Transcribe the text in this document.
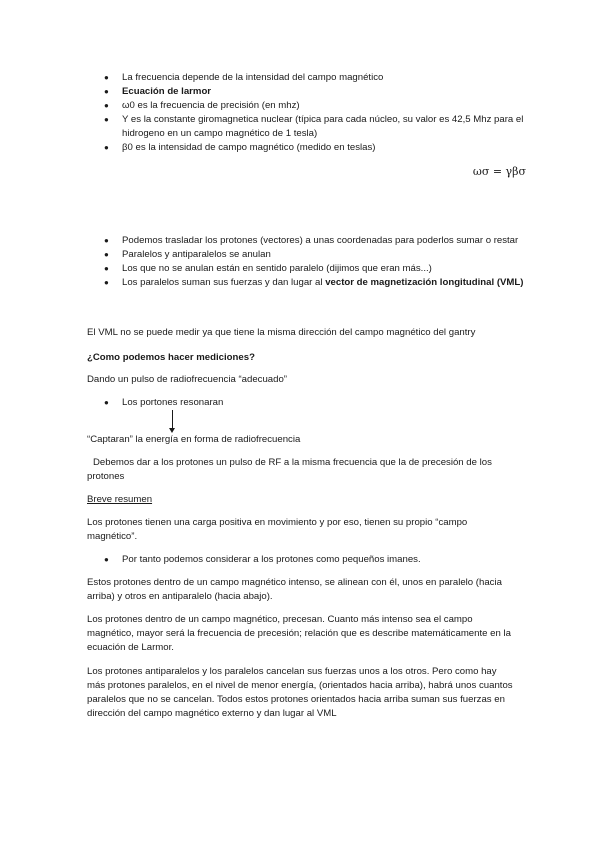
● La frecuencia depende de la intensidad del campo magnético
● Ecuación de larmor
● ω0 es la frecuencia de precisión (en mhz)
● Y es la constante giromagnetica nuclear (típica para cada núcleo, su valor es 42,5 Mhz para el hidrogeno en un campo magnético de 1 tesla)
● β0 es la intensidad de campo magnético (medido en teslas)
ωσ = γβσ
● Podemos trasladar los protones (vectores) a unas coordenadas para poderlos sumar o restar
● Paralelos y antiparalelos se anulan
● Los que no se anulan están en sentido paralelo (dijimos que eran más...)
● Los paralelos suman sus fuerzas y dan lugar al vector de magnetización longitudinal (VML)
El VML no se puede medir ya que tiene la misma dirección del campo magnético del gantry
¿Como podemos hacer mediciones?
Dando un pulso de radiofrecuencia “adecuado”
● Los portones resonaran
“Captaran” la energía en forma de radiofrecuencia
Debemos dar a los protones un pulso de RF a la misma frecuencia que la de precesión de los protones
Breve resumen
Los protones tienen una carga positiva en movimiento y por eso, tienen su propio “campo magnético”.
● Por tanto podemos considerar a los protones como pequeños imanes.
Estos protones dentro de un campo magnético intenso, se alinean con él, unos en paralelo (hacia arriba) y otros en antiparalelo (hacia abajo).
Los protones dentro de un campo magnético, precesan. Cuanto más intenso sea el campo magnético, mayor será la frecuencia de precesión; relación que es describe matemáticamente en la ecuación de Larmor.
Los protones antiparalelos y los paralelos cancelan sus fuerzas unos a los otros. Pero como hay más protones paralelos, en el nivel de menor energía, (orientados hacia arriba), habrá unos cuantos paralelos que no se cancelan. Todos estos protones orientados hacia arriba suman sus fuerzas en dirección del campo magnético externo y dan lugar al VML
